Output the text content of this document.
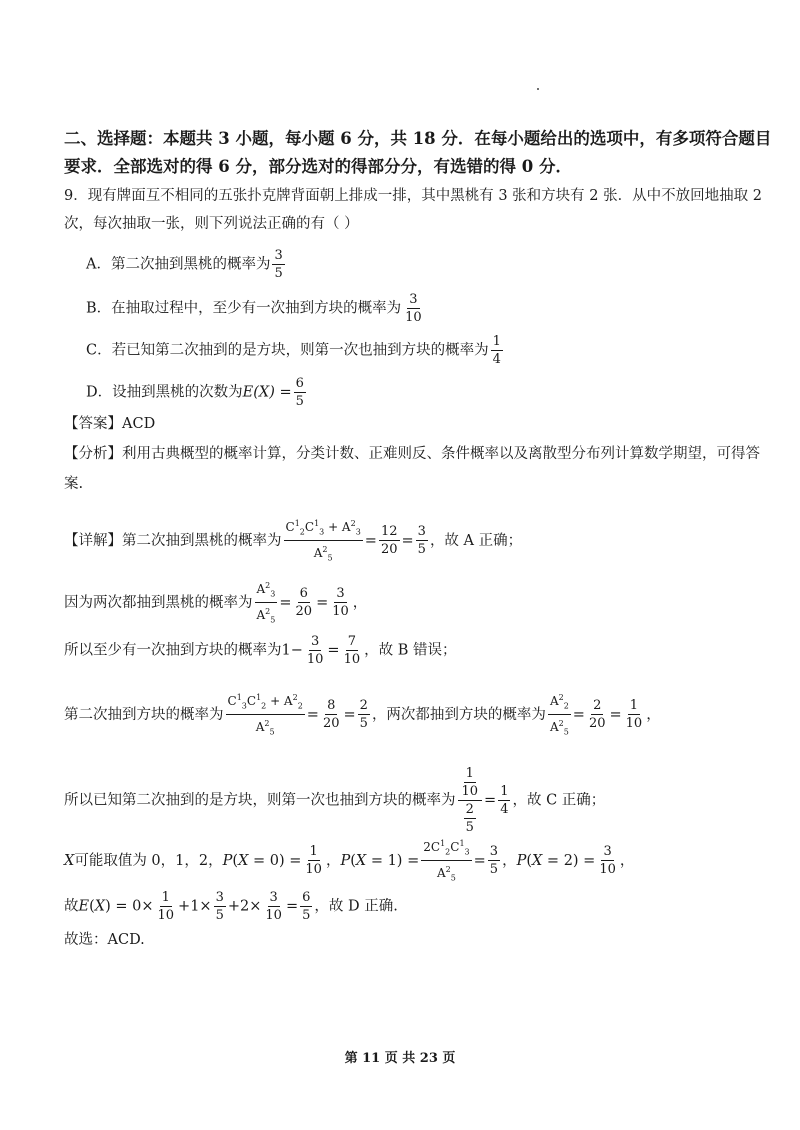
二、选择题：本题共 3 小题，每小题 6 分，共 18 分．在每小题给出的选项中，有多项符合题目
要求．全部选对的得 6 分，部分选对的得部分分，有选错的得 0 分．
9．现有牌面互不相同的五张扑克牌背面朝上排成一排，其中黑桃有 3 张和方块有 2 张．从中不放回地抽取 2
次，每次抽取一张，则下列说法正确的有（ ）
A．第二次抽到黑桃的概率为 $\frac{3}{5}$
B．在抽取过程中，至少有一次抽到方块的概率为 $\frac{3}{10}$
C．若已知第二次抽到的是方块，则第一次也抽到方块的概率为 $\frac{1}{4}$
D．设抽到黑桃的次数为$E(X) = \frac{6}{5}$
【答案】ACD
【分析】利用古典概型的概率计算，分类计数、正难则反、条件概率以及离散型分布列计算数学期望，可得答
案.
【详解】第二次抽到黑桃的概率为 $\frac{C^1_2C^1_3 + A^2_3}{A^2_5} = \frac{12}{20} = \frac{3}{5}$ ，故 A 正确；
因为两次都抽到黑桃的概率为 $\frac{A^2_3}{A^2_5} = \frac{6}{20} = \frac{3}{10}$ ，
所以至少有一次抽到方块的概率为$1- \frac{3}{10} = \frac{7}{10}$ ，故 B 错误；
第二次抽到方块的概率为 $\frac{C^1_3C^1_2 + A^2_2}{A^2_5} = \frac{8}{20} = \frac{2}{5}$ ，两次都抽到方块的概率为 $\frac{A^2_2}{A^2_5} = \frac{2}{20} = \frac{1}{10}$ ，
所以已知第二次抽到的是方块，则第一次也抽到方块的概率为 $\frac{\frac{1}{10}}{\frac{2}{5}} = \frac{1}{4}$ ，故 C 正确；
X可能取值为 0，1，2，$P(X = 0) = \frac{1}{10}$ ，$P(X = 1) = \frac{2C^1_2C^1_3}{A^2_5} = \frac{3}{5}$ ，$P(X = 2) = \frac{3}{10}$ ，
故$E(X) = 0\times \frac{1}{10} +1\times \frac{3}{5} +2\times \frac{3}{10} = \frac{6}{5}$ ，故 D 正确.
故选：ACD.
第 11 页 共 23 页
